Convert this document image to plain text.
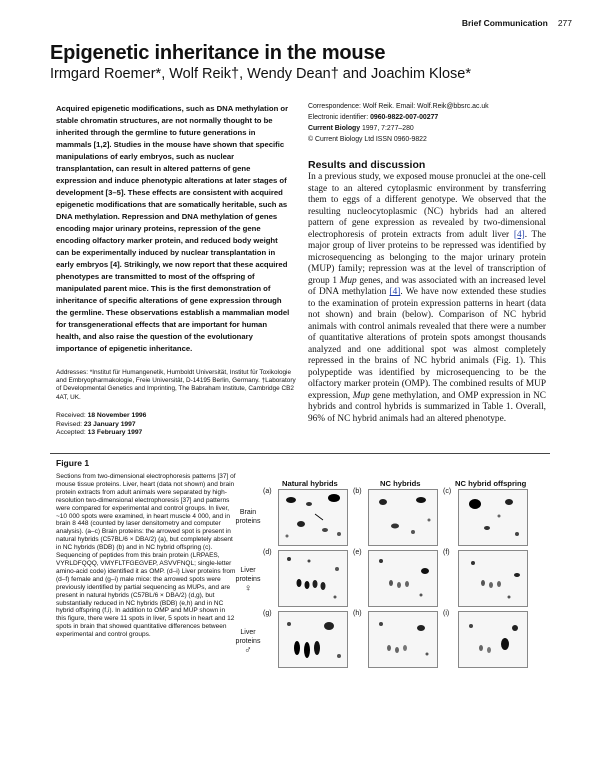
Brief Communication 277
Epigenetic inheritance in the mouse
Irmgard Roemer*, Wolf Reik†, Wendy Dean† and Joachim Klose*
Acquired epigenetic modifications, such as DNA methylation or stable chromatin structures, are not normally thought to be inherited through the germline to future generations in mammals [1,2]. Studies in the mouse have shown that specific manipulations of early embryos, such as nuclear transplantation, can result in altered patterns of gene expression and induce phenotypic alterations at later stages of development [3–5]. These effects are consistent with acquired epigenetic modifications that are somatically heritable, such as DNA methylation. Repression and DNA methylation of genes encoding major urinary proteins, repression of the gene encoding olfactory marker protein, and reduced body weight can be experimentally induced by nuclear transplantation in early embryos [4]. Strikingly, we now report that these acquired phenotypes are transmitted to most of the offspring of manipulated parent mice. This is the first demonstration of inheritance of specific alterations of gene expression through the germline. These observations establish a mammalian model for transgenerational effects that are important for human health, and also raise the question of the evolutionary importance of epigenetic inheritance.
Addresses: *Institut für Humangenetik, Humboldt Universität, Institut für Toxikologie and Embryopharmakologie, Freie Universität, D-14195 Berlin, Germany. †Laboratory of Developmental Genetics and Imprinting, The Babraham Institute, Cambridge CB2 4AT, UK.
Received: 18 November 1996
Revised: 23 January 1997
Accepted: 13 February 1997
Correspondence: Wolf Reik. Email: Wolf.Reik@bbsrc.ac.uk
Electronic identifier: 0960-9822-007-00277
Current Biology 1997, 7:277–280
© Current Biology Ltd ISSN 0960-9822
Results and discussion
In a previous study, we exposed mouse pronuclei at the one-cell stage to an altered cytoplasmic environment by transferring them to eggs of a different genotype. We observed that the resulting nucleocytoplasmic (NC) hybrids had an altered pattern of gene expression as revealed by two-dimensional electrophoresis of protein extracts from adult liver [4]. The major group of liver proteins to be repressed was identified by microsequencing as belonging to the major urinary protein (MUP) family; repression was at the level of transcription of group 1 Mup genes, and was associated with an increased level of DNA methylation [4]. We have now extended these studies to the examination of protein expression patterns in heart (data not shown) and brain (below). Comparison of NC hybrid animals with control animals revealed that there were a number of quantitative alterations of protein spots amongst thousands analyzed and one additional spot was almost completely repressed in the brains of NC hybrid animals (Fig. 1). This polypeptide was identified by microsequencing to be the olfactory marker protein (OMP). The combined results of MUP expression, Mup gene methylation, and OMP expression in NC hybrids and control hybrids is summarized in Table 1. Overall, 96% of NC hybrid animals had an altered phenotype.
Figure 1
Sections from two-dimensional electrophoresis patterns [37] of mouse tissue proteins. Liver, heart (data not shown) and brain protein extracts from adult animals were separated by high-resolution two-dimensional electrophoresis [37] and patterns were compared for experimental and control groups. In liver, ~10 000 spots were examined, in heart muscle 4 000, and in brain 8 448 (counted by laser densitometry and computer analysis). (a–c) Brain proteins: the arrowed spot is present in natural hybrids (C57BL/6 × DBA/2) (a), but completely absent in NC hybrids (BDB) (b) and in NC hybrid offspring (c). Sequencing of peptides from this brain protein (LRPAES, VYRLDFQQQ, VMYFLTFGEGVEP, ASVVFNQL; single-letter amino-acid code) identified it as OMP. (d–i) Liver proteins from (d–f) female and (g–i) male mice: the arrowed spots were previously identified by partial sequencing as MUPs, and are present in natural hybrids (C57BL/6 × DBA/2) (d,g), but substantially reduced in NC hybrids (BDB) (e,h) and in NC hybrid offspring (f,i). In addition to OMP and MUP shown in this figure, there were 11 spots in liver, 5 spots in heart and 12 spots in brain that showed quantitative differences between experimental and control groups.
Natural hybrids	NC hybrids	NC hybrid offspring
Brain
proteins
Liver
proteins
♀
Liver
proteins
♂
(a)	(b)	(c)
(d)	(e)	(f)
(g)	(h)	(i)
